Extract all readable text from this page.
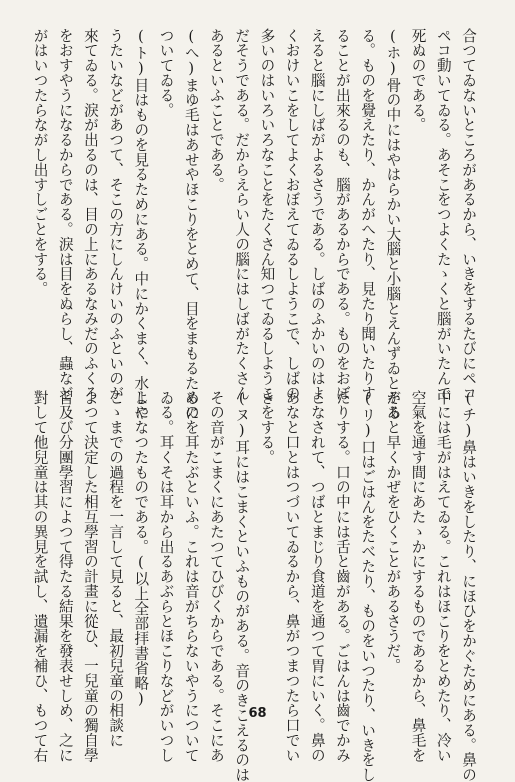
合つてゐないところがあるから、いきをするたびにペコ

ペコ動いてゐる。あそこをつよくたゝくと腦がいたんで

死ぬのである。

(ホ)骨の中にはやはらかい大腦と小腦とえんずゐとがあ

る。ものを覺えたり、かんがへたり、見たり聞いたりす

ることが出來るのも、腦があるからである。ものをおぼ

えると腦にしばがよるさうである。しばのふかいのはよ

くおけいこをしてよくおぼえてゐるしようこで、しばの

多いのはいろいろなことをたくさん知つてゐるしようこ

だそうである。だからえらい人の腦にはしばがたくさん

あるといふことである。

(へ)まゆ毛はあせやほこりをとめて、目をまもるために

ついてゐる。

(ト)目はものを見るためにある。中にかくまく、水しや

うたいなどがあつて、そこの方にしんけいのふといのが

來てゐる。淚が出るのは、目の上にあるなみだのふくろ

をおすやうになるからである。淚は目をぬらし、蟲など

がはいつたらながし出すしごとをする。

(チ)鼻はいきをしたり、にほひをかぐためにある。鼻の

中には毛がはえてゐる。これはほこりをとめたり、冷い

空氣を通す間にあたゝかにするものであるから、鼻毛を

そると早くかぜをひくことがあるさうだ。

(リ)口はごはんをたべたり、ものをいつたり、いきをし

たりする。口の中には舌と齒がある。ごはんは齒でかみ

こなされて、つばとまじり食道を通つて胃にいく。鼻の

あなと口とはつづいてゐるから、鼻がつまつたら口でい

きをする。

(ヌ)耳にはこまくといふものがある。音のきこえるのは

その音がこまくにあたつてひびくからである。そこにあ

るのを耳たぶといふ。これは音がちらないやうについて

ゐる。耳くそは耳から出るあぶらとほこりなどがいつし

よになつたものである。(以上全部拝書省略)

こゝまでの過程を一言して見ると、最初兒童の相談に

よつて決定した相互學習の計畫に從ひ、一兒童の獨自學

習及び分團學習によつて得たる結果を發表せしめ、之に

對して他兒童は其の異見を試し、遺漏を補ひ、もつて右	68
